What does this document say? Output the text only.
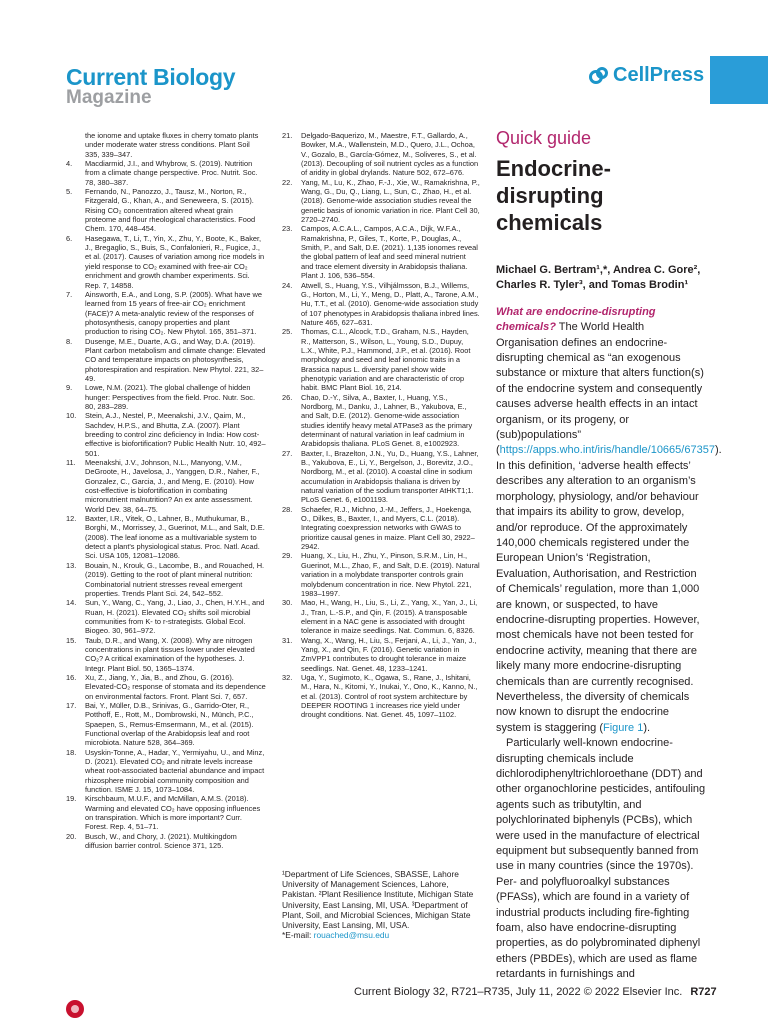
Current Biology
Magazine
CellPress
the ionome and uptake fluxes in cherry tomato plants under moderate water stress conditions. Plant Soil 335, 339–347.
4.	Macdiarmid, J.I., and Whybrow, S. (2019). Nutrition from a climate change perspective. Proc. Nutrit. Soc. 78, 380–387.
5.	Fernando, N., Panozzo, J., Tausz, M., Norton, R., Fitzgerald, G., Khan, A., and Seneweera, S. (2015). Rising CO₂ concentration altered wheat grain proteome and flour rheological characteristics. Food Chem. 170, 448–454.
6.	Hasegawa, T., Li, T., Yin, X., Zhu, Y., Boote, K., Baker, J., Bregaglio, S., Buis, S., Confalonieri, R., Fugice, J., et al. (2017). Causes of variation among rice models in yield response to CO₂ examined with free-air CO₂ enrichment and growth chamber experiments. Sci. Rep. 7, 14858.
7.	Ainsworth, E.A., and Long, S.P. (2005). What have we learned from 15 years of free-air CO₂ enrichment (FACE)? A meta-analytic review of the responses of photosynthesis, canopy properties and plant production to rising CO₂. New Phytol. 165, 351–371.
8.	Dusenge, M.E., Duarte, A.G., and Way, D.A. (2019). Plant carbon metabolism and climate change: Elevated CO and temperature impacts on photosynthesis, photorespiration and respiration. New Phytol. 221, 32–49.
9.	Lowe, N.M. (2021). The global challenge of hidden hunger: Perspectives from the field. Proc. Nutr. Soc. 80, 283–289.
10.	Stein, A.J., Nestel, P., Meenakshi, J.V., Qaim, M., Sachdev, H.P.S., and Bhutta, Z.A. (2007). Plant breeding to control zinc deficiency in India: How cost-effective is biofortification? Public Health Nutr. 10, 492–501.
11.	Meenakshi, J.V., Johnson, N.L., Manyong, V.M., DeGroote, H., Javelosa, J., Yanggen, D.R., Naher, F., Gonzalez, C., Garcia, J., and Meng, E. (2010). How cost-effective is biofortification in combating micronutrient malnutrition? An ex ante assessment. World Dev. 38, 64–75.
12.	Baxter, I.R., Vitek, O., Lahner, B., Muthukumar, B., Borghi, M., Morrissey, J., Guerinot, M.L., and Salt, D.E. (2008). The leaf ionome as a multivariable system to detect a plant's physiological status. Proc. Natl. Acad. Sci. USA 105, 12081–12086.
13.	Bouain, N., Krouk, G., Lacombe, B., and Rouached, H. (2019). Getting to the root of plant mineral nutrition: Combinatorial nutrient stresses reveal emergent properties. Trends Plant Sci. 24, 542–552.
14.	Sun, Y., Wang, C., Yang, J., Liao, J., Chen, H.Y.H., and Ruan, H. (2021). Elevated CO₂ shifts soil microbial communities from K- to r-strategists. Global Ecol. Biogeo. 30, 961–972.
15.	Taub, D.R., and Wang, X. (2008). Why are nitrogen concentrations in plant tissues lower under elevated CO₂? A critical examination of the hypotheses. J. Integr. Plant Biol. 50, 1365–1374.
16.	Xu, Z., Jiang, Y., Jia, B., and Zhou, G. (2016). Elevated-CO₂ response of stomata and its dependence on environmental factors. Front. Plant Sci. 7, 657.
17.	Bai, Y., Müller, D.B., Srinivas, G., Garrido-Oter, R., Potthoff, E., Rott, M., Dombrowski, N., Münch, P.C., Spaepen, S., Remus-Emsermann, M., et al. (2015). Functional overlap of the Arabidopsis leaf and root microbiota. Nature 528, 364–369.
18.	Usyskin-Tonne, A., Hadar, Y., Yermiyahu, U., and Minz, D. (2021). Elevated CO₂ and nitrate levels increase wheat root-associated bacterial abundance and impact rhizosphere microbial community composition and function. ISME J. 15, 1073–1084.
19.	Kirschbaum, M.U.F., and McMillan, A.M.S. (2018). Warming and elevated CO₂ have opposing influences on transpiration. Which is more important? Curr. Forest. Rep. 4, 51–71.
20.	Busch, W., and Chory, J. (2021). Multikingdom diffusion barrier control. Science 371, 125.
21.	Delgado-Baquerizo, M., Maestre, F.T., Gallardo, A., Bowker, M.A., Wallenstein, M.D., Quero, J.L., Ochoa, V., Gozalo, B., García-Gómez, M., Soliveres, S., et al. (2013). Decoupling of soil nutrient cycles as a function of aridity in global drylands. Nature 502, 672–676.
22.	Yang, M., Lu, K., Zhao, F.-J., Xie, W., Ramakrishna, P., Wang, G., Du, Q., Liang, L., Sun, C., Zhao, H., et al. (2018). Genome-wide association studies reveal the genetic basis of ionomic variation in rice. Plant Cell 30, 2720–2740.
23.	Campos, A.C.A.L., Campos, A.C.A., Dijk, W.F.A., Ramakrishna, P., Giles, T., Korte, P., Douglas, A., Smith, P., and Salt, D.E. (2021). 1,135 ionomes reveal the global pattern of leaf and seed mineral nutrient and trace element diversity in Arabidopsis thaliana. Plant J. 106, 536–554.
24.	Atwell, S., Huang, Y.S., Vilhjálmsson, B.J., Willems, G., Horton, M., Li, Y., Meng, D., Platt, A., Tarone, A.M., Hu, T.T., et al. (2010). Genome-wide association study of 107 phenotypes in Arabidopsis thaliana inbred lines. Nature 465, 627–631.
25.	Thomas, C.L., Alcock, T.D., Graham, N.S., Hayden, R., Matterson, S., Wilson, L., Young, S.D., Dupuy, L.X., White, P.J., Hammond, J.P., et al. (2016). Root morphology and seed and leaf ionomic traits in a Brassica napus L. diversity panel show wide phenotypic variation and are characteristic of crop habit. BMC Plant Biol. 16, 214.
26.	Chao, D.-Y., Silva, A., Baxter, I., Huang, Y.S., Nordborg, M., Danku, J., Lahner, B., Yakubova, E., and Salt, D.E. (2012). Genome-wide association studies identify heavy metal ATPase3 as the primary determinant of natural variation in leaf cadmium in Arabidopsis thaliana. PLoS Genet. 8, e1002923.
27.	Baxter, I., Brazelton, J.N., Yu, D., Huang, Y.S., Lahner, B., Yakubova, E., Li, Y., Bergelson, J., Borevitz, J.O., Nordborg, M., et al. (2010). A coastal cline in sodium accumulation in Arabidopsis thaliana is driven by natural variation of the sodium transporter AtHKT1;1. PLoS Genet. 6, e1001193.
28.	Schaefer, R.J., Michno, J.-M., Jeffers, J., Hoekenga, O., Dilkes, B., Baxter, I., and Myers, C.L. (2018). Integrating coexpression networks with GWAS to prioritize causal genes in maize. Plant Cell 30, 2922–2942.
29.	Huang, X., Liu, H., Zhu, Y., Pinson, S.R.M., Lin, H., Guerinot, M.L., Zhao, F., and Salt, D.E. (2019). Natural variation in a molybdate transporter controls grain molybdenum concentration in rice. New Phytol. 221, 1983–1997.
30.	Mao, H., Wang, H., Liu, S., Li, Z., Yang, X., Yan, J., Li, J., Tran, L.-S.P., and Qin, F. (2015). A transposable element in a NAC gene is associated with drought tolerance in maize seedlings. Nat. Commun. 6, 8326.
31.	Wang, X., Wang, H., Liu, S., Ferjani, A., Li, J., Yan, J., Yang, X., and Qin, F. (2016). Genetic variation in ZmVPP1 contributes to drought tolerance in maize seedlings. Nat. Genet. 48, 1233–1241.
32.	Uga, Y., Sugimoto, K., Ogawa, S., Rane, J., Ishitani, M., Hara, N., Kitomi, Y., Inukai, Y., Ono, K., Kanno, N., et al. (2013). Control of root system architecture by DEEPER ROOTING 1 increases rice yield under drought conditions. Nat. Genet. 45, 1097–1102.
¹Department of Life Sciences, SBASSE, Lahore University of Management Sciences, Lahore, Pakistan. ²Plant Resilience Institute, Michigan State University, East Lansing, MI, USA. ³Department of Plant, Soil, and Microbial Sciences, Michigan State University, East Lansing, MI, USA.
*E-mail: rouached@msu.edu
Quick guide
Endocrine-disrupting chemicals
Michael G. Bertram¹,*, Andrea C. Gore², Charles R. Tyler³, and Tomas Brodin¹
What are endocrine-disrupting chemicals? The World Health Organisation defines an endocrine-disrupting chemical as “an exogenous substance or mixture that alters function(s) of the endocrine system and consequently causes adverse health effects in an intact organism, or its progeny, or (sub)populations” (https://apps.who.int/iris/handle/10665/67357). In this definition, ‘adverse health effects’ describes any alteration to an organism’s morphology, physiology, and/or behaviour that impairs its ability to grow, develop, and/or reproduce. Of the approximately 140,000 chemicals registered under the European Union’s ‘Registration, Evaluation, Authorisation, and Restriction of Chemicals’ regulation, more than 1,000 are known, or suspected, to have endocrine-disrupting properties. However, most chemicals have not been tested for endocrine activity, meaning that there are likely many more endocrine-disrupting chemicals than are currently recognised. Nevertheless, the diversity of chemicals now known to disrupt the endocrine system is staggering (Figure 1).
Particularly well-known endocrine-disrupting chemicals include dichlorodiphenyltrichloroethane (DDT) and other organochlorine pesticides, antifouling agents such as tributyltin, and polychlorinated biphenyls (PCBs), which were used in the manufacture of electrical equipment but subsequently banned from use in many countries (since the 1970s). Per- and polyfluoroalkyl substances (PFASs), which are found in a variety of industrial products including fire-fighting foam, also have endocrine-disrupting properties, as do polybrominated diphenyl ethers (PBDEs), which are used as flame retardants in furnishings and
Current Biology 32, R721–R735, July 11, 2022 © 2022 Elsevier Inc. R727
